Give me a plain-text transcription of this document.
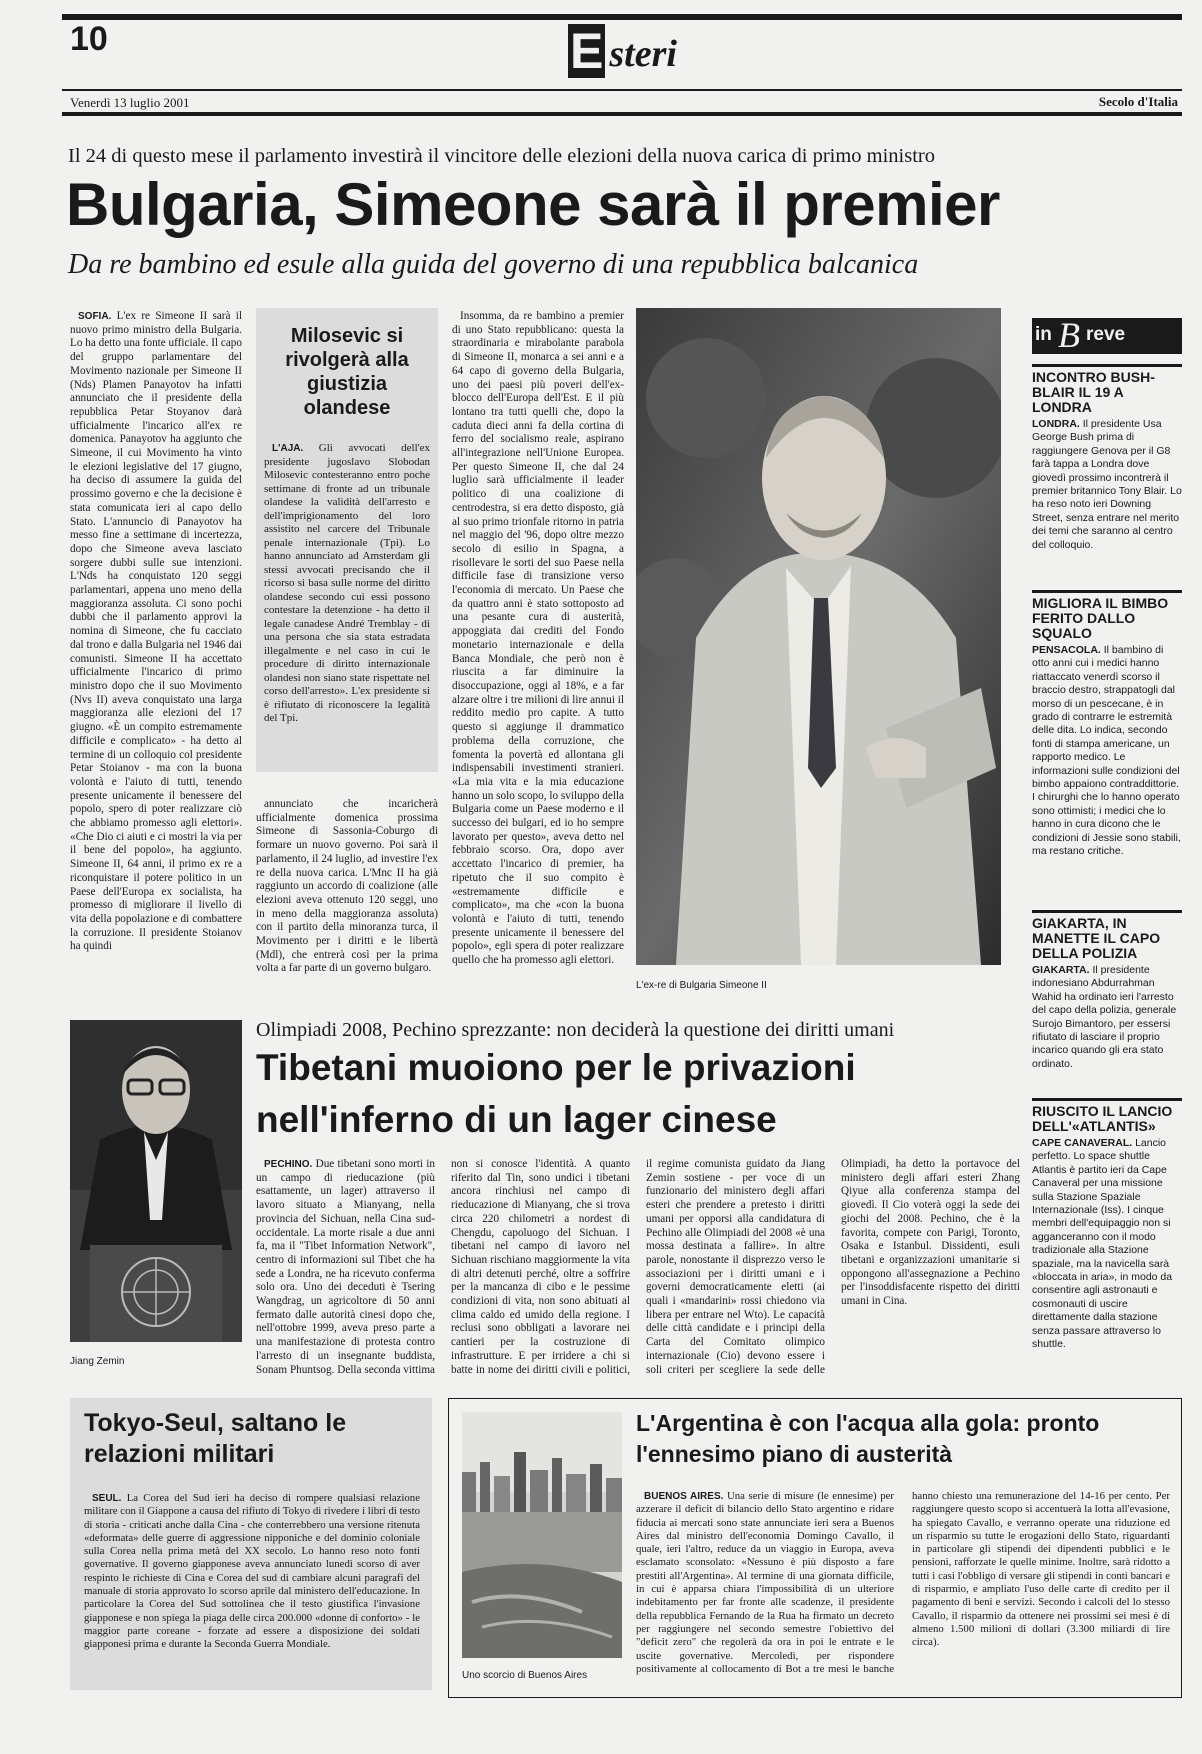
10	E steri
Venerdì 13 luglio 2001	Secolo d'Italia
Il 24 di questo mese il parlamento investirà il vincitore delle elezioni della nuova carica di primo ministro
Bulgaria, Simeone sarà il premier
Da re bambino ed esule alla guida del governo di una repubblica balcanica

SOFIA. L'ex re Simeone II sarà il nuovo primo ministro della Bulgaria. Lo ha detto una fonte ufficiale. Il capo del gruppo parlamentare del Movimento nazionale per Simeone II (Nds) Plamen Panayotov ha infatti annunciato che il presidente della repubblica Petar Stoyanov darà ufficialmente l'incarico all'ex re domenica. Panayotov ha aggiunto che Simeone, il cui Movimento ha vinto le elezioni legislative del 17 giugno, ha deciso di assumere la guida del prossimo governo e che la decisione è stata comunicata ieri al capo dello Stato. L'annuncio di Panayotov ha messo fine a settimane di incertezza, dopo che Simeone aveva lasciato sorgere dubbi sulle sue intenzioni. L'Nds ha conquistato 120 seggi parlamentari, appena uno meno della maggioranza assoluta. Ci sono pochi dubbi che il parlamento approvi la nomina di Simeone, che fu cacciato dal trono e dalla Bulgaria nel 1946 dai comunisti. Simeone II ha accettato ufficialmente l'incarico di primo ministro dopo che il suo Movimento (Nvs II) aveva conquistato una larga maggioranza alle elezioni del 17 giugno. «È un compito estremamente difficile e complicato» - ha detto al termine di un colloquio col presidente Petar Stoianov - ma con la buona volontà e l'aiuto di tutti, tenendo presente unicamente il benessere del popolo, spero di poter realizzare ciò che abbiamo promesso agli elettori». «Che Dio ci aiuti e ci mostri la via per il bene del popolo», ha aggiunto. Simeone II, 64 anni, il primo ex re a riconquistare il potere politico in un Paese dell'Europa ex socialista, ha promesso di migliorare il livello di vita della popolazione e di combattere la corruzione. Il presidente Stoianov ha quindi

Milosevic si rivolgerà alla giustizia olandese

L'AJA. Gli avvocati dell'ex presidente jugoslavo Slobodan Milosevic contesteranno entro poche settimane di fronte ad un tribunale olandese la validità dell'arresto e dell'imprigionamento del loro assistito nel carcere del Tribunale penale internazionale (Tpi). Lo hanno annunciato ad Amsterdam gli stessi avvocati precisando che il ricorso si basa sulle norme del diritto olandese secondo cui essi possono contestare la detenzione - ha detto il legale canadese André Tremblay - di una persona che sia stata estradata illegalmente e nel caso in cui le procedure di diritto internazionale olandesi non siano state rispettate nel corso dell'arresto». L'ex presidente si è rifiutato di riconoscere la legalità del Tpi.

annunciato che incaricherà ufficialmente domenica prossima Simeone di Sassonia-Coburgo di formare un nuovo governo. Poi sarà il parlamento, il 24 luglio, ad investire l'ex re della nuova carica. L'Mnc II ha già raggiunto un accordo di coalizione (alle elezioni aveva ottenuto 120 seggi, uno in meno della maggioranza assoluta) con il partito della minoranza turca, il Movimento per i diritti e le libertà (Mdl), che entrerà così per la prima volta a far parte di un governo bulgaro.

Insomma, da re bambino a premier di uno Stato repubblicano: questa la straordinaria e mirabolante parabola di Simeone II, monarca a sei anni e a 64 capo di governo della Bulgaria, uno dei paesi più poveri dell'ex-blocco dell'Europa dell'Est. E il più lontano tra tutti quelli che, dopo la caduta dieci anni fa della cortina di ferro del socialismo reale, aspirano all'integrazione nell'Unione Europea. Per questo Simeone II, che dal 24 luglio sarà ufficialmente il leader politico di una coalizione di centrodestra, si era detto disposto, già al suo primo trionfale ritorno in patria nel maggio del '96, dopo oltre mezzo secolo di esilio in Spagna, a risollevare le sorti del suo Paese nella difficile fase di transizione verso l'economia di mercato. Un Paese che da quattro anni è stato sottoposto ad una pesante cura di austerità, appoggiata dai crediti del Fondo monetario internazionale e della Banca Mondiale, che però non è riuscita a far diminuire la disoccupazione, oggi al 18%, e a far alzare oltre i tre milioni di lire annui il reddito medio pro capite. A tutto questo si aggiunge il drammatico problema della corruzione, che fomenta la povertà ed allontana gli indispensabili investimenti stranieri. «La mia vita e la mia educazione hanno un solo scopo, lo sviluppo della Bulgaria come un Paese moderno e il successo dei bulgari, ed io ho sempre lavorato per questo», aveva detto nel febbraio scorso. Ora, dopo aver accettato l'incarico di premier, ha ripetuto che il suo compito è «estremamente difficile e complicato», ma che «con la buona volontà e l'aiuto di tutti, tenendo presente unicamente il benessere del popolo», egli spera di poter realizzare quello che ha promesso agli elettori.

L'ex-re di Bulgaria Simeone II
in B reve

INCONTRO BUSH-BLAIR IL 19 A LONDRA

LONDRA. Il presidente Usa George Bush prima di raggiungere Genova per il G8 farà tappa a Londra dove giovedì prossimo incontrerà il premier britannico Tony Blair. Lo ha reso noto ieri Downing Street, senza entrare nel merito dei temi che saranno al centro del colloquio.

MIGLIORA IL BIMBO FERITO DALLO SQUALO

PENSACOLA. Il bambino di otto anni cui i medici hanno riattaccato venerdì scorso il braccio destro, strappatogli dal morso di un pescecane, è in grado di contrarre le estremità delle dita. Lo indica, secondo fonti di stampa americane, un rapporto medico. Le informazioni sulle condizioni del bimbo appaiono contraddittorie. I chirurghi che lo hanno operato sono ottimisti; i medici che lo hanno in cura dicono che le condizioni di Jessie sono stabili, ma restano critiche.

GIAKARTA, IN MANETTE IL CAPO DELLA POLIZIA

GIAKARTA. Il presidente indonesiano Abdurrahman Wahid ha ordinato ieri l'arresto del capo della polizia, generale Surojo Bimantoro, per essersi rifiutato di lasciare il proprio incarico quando gli era stato ordinato.

RIUSCITO IL LANCIO DELL'«ATLANTIS»

CAPE CANAVERAL. Lancio perfetto. Lo space shuttle Atlantis è partito ieri da Cape Canaveral per una missione sulla Stazione Spaziale Internazionale (Iss). I cinque membri dell'equipaggio non si agganceranno con il modo tradizionale alla Stazione spaziale, ma la navicella sarà «bloccata in aria», in modo da consentire agli astronauti e cosmonauti di uscire direttamente dalla stazione senza passare attraverso lo shuttle.

Jiang Zemin
Olimpiadi 2008, Pechino sprezzante: non deciderà la questione dei diritti umani
Tibetani muoiono per le privazioni nell'inferno di un lager cinese

PECHINO. Due tibetani sono morti in un campo di rieducazione (più esattamente, un lager) attraverso il lavoro situato a Mianyang, nella provincia del Sichuan, nella Cina sud-occidentale. La morte risale a due anni fa, ma il "Tibet Information Network", centro di informazioni sul Tibet che ha sede a Londra, ne ha ricevuto conferma solo ora. Uno dei deceduti è Tsering Wangdrag, un agricoltore di 50 anni fermato dalle autorità cinesi dopo che, nell'ottobre 1999, aveva preso parte a una manifestazione di protesta contro l'arresto di un insegnante buddista, Sonam Phuntsog. Della seconda vittima non si conosce l'identità. A quanto riferito dal Tin, sono undici i tibetani ancora rinchiusi nel campo di rieducazione di Mianyang, che si trova circa 220 chilometri a nordest di Chengdu, capoluogo del Sichuan. I tibetani nel campo di lavoro nel Sichuan rischiano maggiormente la vita di altri detenuti perché, oltre a soffrire per la mancanza di cibo e le pessime condizioni di vita, non sono abituati al clima caldo ed umido della regione. I reclusi sono obbligati a lavorare nei cantieri per la costruzione di infrastrutture. E per irridere a chi si batte in nome dei diritti civili e politici, il regime comunista guidato da Jiang Zemin sostiene - per voce di un funzionario del ministero degli affari esteri che prendere a pretesto i diritti umani per opporsi alla candidatura di Pechino alle Olimpiadi del 2008 «è una mossa destinata a fallire». In altre parole, nonostante il disprezzo verso le associazioni per i diritti umani e i governi democraticamente eletti (ai quali i «mandarini» rossi chiedono via libera per entrare nel Wto). Le capacità delle città candidate e i principi della Carta del Comitato olimpico internazionale (Cio) devono essere i soli criteri per scegliere la sede delle Olimpiadi, ha detto la portavoce del ministero degli affari esteri Zhang Qiyue alla conferenza stampa del giovedì. Il Cio voterà oggi la sede dei giochi del 2008. Pechino, che è la favorita, compete con Parigi, Toronto, Osaka e Istanbul. Dissidenti, esuli tibetani e organizzazioni umanitarie si oppongono all'assegnazione a Pechino per l'insoddisfacente rispetto dei diritti umani in Cina.

Tokyo-Seul, saltano le relazioni militari

SEUL. La Corea del Sud ieri ha deciso di rompere qualsiasi relazione militare con il Giappone a causa del rifiuto di Tokyo di rivedere i libri di testo di storia - criticati anche dalla Cina - che conterrebbero una versione ritenuta «deformata» delle guerre di aggressione nipponiche e del dominio coloniale sulla Corea nella prima metà del XX secolo. Lo hanno reso noto fonti governative. Il governo giapponese aveva annunciato lunedì scorso di aver respinto le richieste di Cina e Corea del sud di cambiare alcuni paragrafi del manuale di storia approvato lo scorso aprile dal ministero dell'educazione. In particolare la Corea del Sud sottolinea che il testo giustifica l'invasione giapponese e non spiega la piaga delle circa 200.000 «donne di conforto» - le maggior parte coreane - forzate ad essere a disposizione dei soldati giapponesi prima e durante la Seconda Guerra Mondiale.

Uno scorcio di Buenos Aires
L'Argentina è con l'acqua alla gola: pronto l'ennesimo piano di austerità

BUENOS AIRES. Una serie di misure (le ennesime) per azzerare il deficit di bilancio dello Stato argentino e ridare fiducia ai mercati sono state annunciate ieri sera a Buenos Aires dal ministro dell'economia Domingo Cavallo, il quale, ieri l'altro, reduce da un viaggio in Europa, aveva esclamato sconsolato: «Nessuno è più disposto a fare prestiti all'Argentina». Al termine di una giornata difficile, in cui è apparsa chiara l'impossibilità di un ulteriore indebitamento per far fronte alle scadenze, il presidente della repubblica Fernando de la Rua ha firmato un decreto per raggiungere nel secondo semestre l'obiettivo del "deficit zero" che regolerà da ora in poi le entrate e le uscite governative. Mercoledì, per rispondere positivamente al collocamento di Bot a tre mesi le banche hanno chiesto una remunerazione del 14-16 per cento. Per raggiungere questo scopo si accentuerà la lotta all'evasione, ha spiegato Cavallo, e verranno operate una riduzione ed un risparmio su tutte le erogazioni dello Stato, riguardanti in particolare gli stipendi dei dipendenti pubblici e le pensioni, rafforzate le quelle minime. Inoltre, sarà ridotto a tutti i casi l'obbligo di versare gli stipendi in conti bancari e di risparmio, e ampliato l'uso delle carte di credito per il pagamento di beni e servizi. Secondo i calcoli del lo stesso Cavallo, il risparmio da ottenere nei prossimi sei mesi è di almeno 1.500 milioni di dollari (3.300 miliardi di lire circa).
